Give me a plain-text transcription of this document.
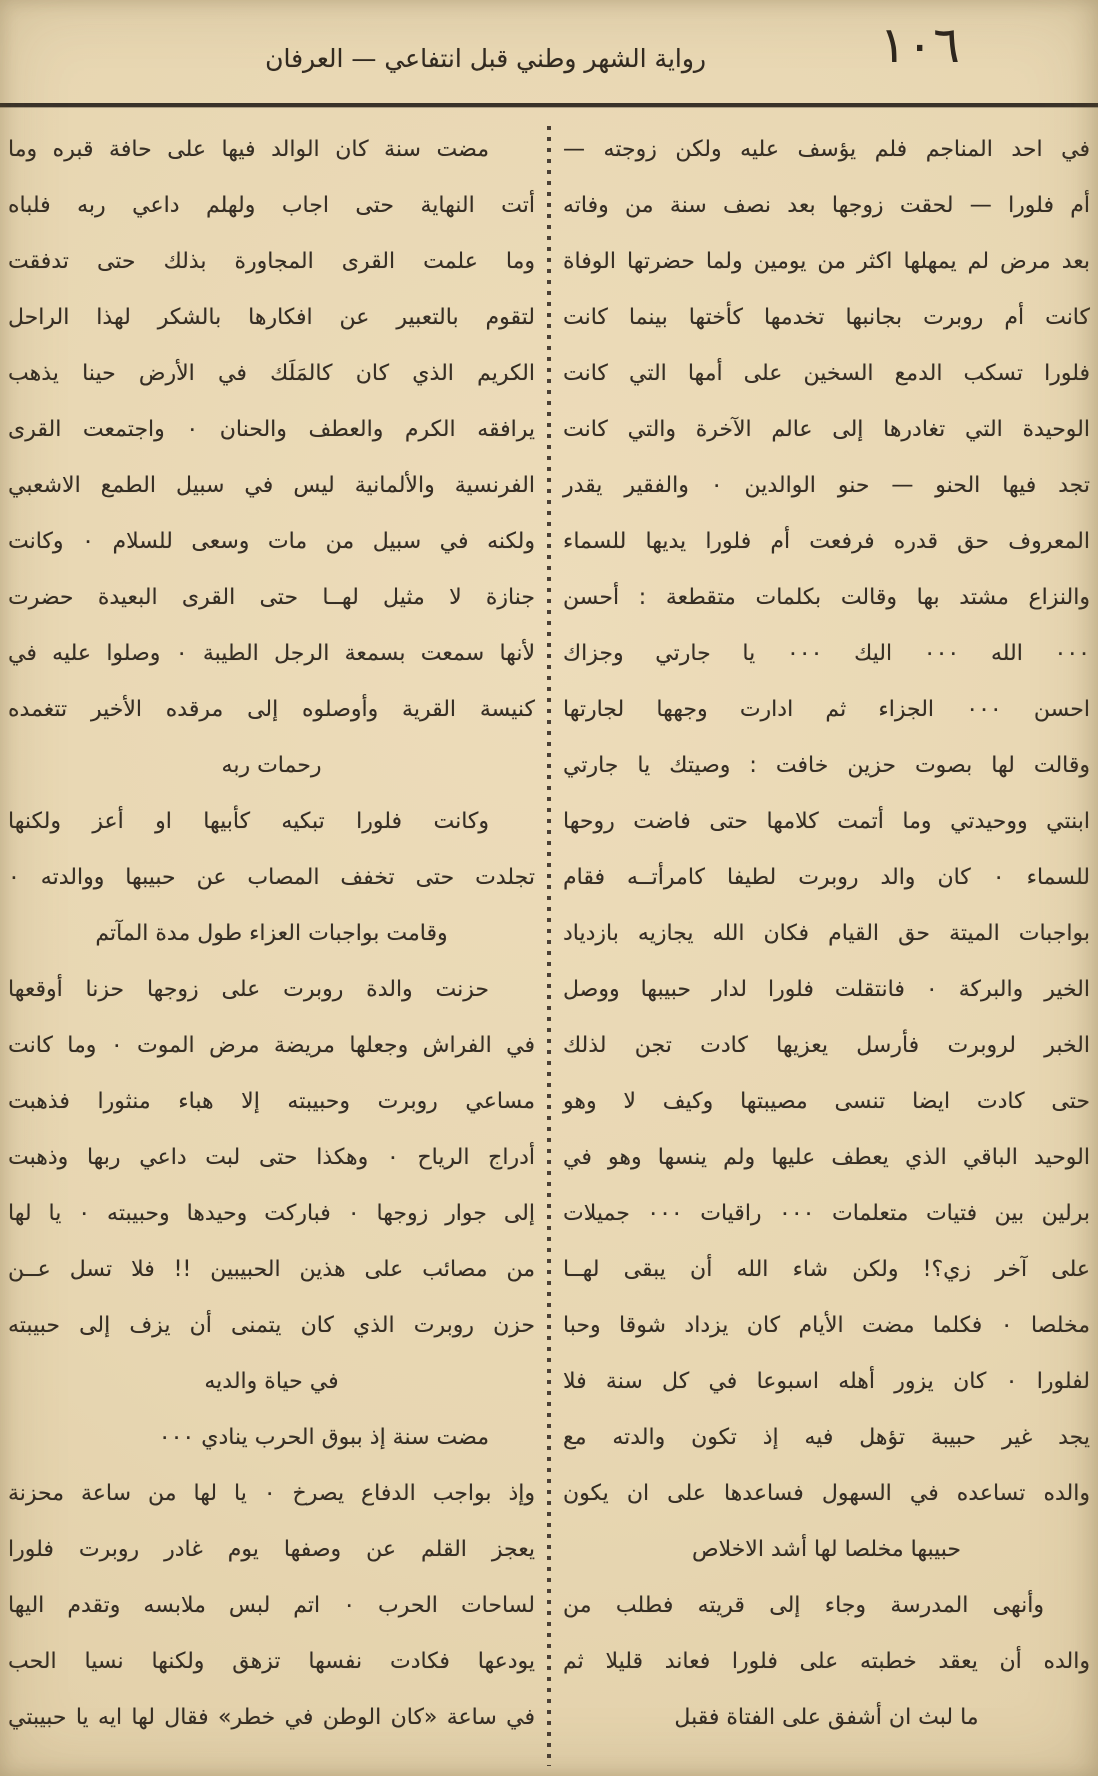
١٠٦
رواية الشهر وطني قبل انتفاعي — العرفان
في احد المناجم فلم يؤسف عليه ولكن زوجته —
أم فلورا — لحقت زوجها بعد نصف سنة من وفاته
بعد مرض لم يمهلها اكثر من يومين ولما حضرتها الوفاة
كانت أم روبرت بجانبها تخدمها كأختها بينما كانت
فلورا تسكب الدمع السخين على أمها التي كانت
الوحيدة التي تغادرها إلى عالم الآخرة والتي كانت
تجد فيها الحنو — حنو الوالدين ٠ والفقير يقدر
المعروف حق قدره فرفعت أم فلورا يديها للسماء
والنزاع مشتد بها وقالت بكلمات متقطعة : أحسن
٠٠٠ الله ٠٠٠ اليك ٠٠٠ يا جارتي وجزاك
احسن ٠٠٠ الجزاء ثم ادارت وجهها لجارتها
وقالت لها بصوت حزين خافت : وصيتك يا جارتي
ابنتي ووحيدتي وما أتمت كلامها حتى فاضت روحها
للسماء ٠ كان والد روبرت لطيفا كامرأتــه فقام
بواجبات الميتة حق القيام فكان الله يجازيه بازدياد
الخير والبركة ٠ فانتقلت فلورا لدار حبيبها ووصل
الخبر لروبرت فأرسل يعزيها كادت تجن لذلك
حتى كادت ايضا تنسى مصيبتها وكيف لا وهو
الوحيد الباقي الذي يعطف عليها ولم ينسها وهو في
برلين بين فتيات متعلمات ٠٠٠ راقيات ٠٠٠ جميلات
على آخر زي؟! ولكن شاء الله أن يبقى لهــا
مخلصا ٠ فكلما مضت الأيام كان يزداد شوقا وحبا
لفلورا ٠ كان يزور أهله اسبوعا في كل سنة فلا
يجد غير حبيبة تؤهل فيه إذ تكون والدته مع
والده تساعده في السهول فساعدها على ان يكون
حبيبها مخلصا لها أشد الاخلاص
وأنهى المدرسة وجاء إلى قريته فطلب من
والده أن يعقد خطبته على فلورا فعاند قليلا ثم
ما لبث ان أشفق على الفتاة فقبل
مضت سنة كان الوالد فيها على حافة قبره وما
أتت النهاية حتى اجاب ولهلم داعي ربه فلباه
وما علمت القرى المجاورة بذلك حتى تدفقت
لتقوم بالتعبير عن افكارها بالشكر لهذا الراحل
الكريم الذي كان كالمَلَك في الأرض حينا يذهب
يرافقه الكرم والعطف والحنان ٠ واجتمعت القرى
الفرنسية والألمانية ليس في سبيل الطمع الاشعبي
ولكنه في سبيل من مات وسعى للسلام ٠ وكانت
جنازة لا مثيل لهــا حتى القرى البعيدة حضرت
لأنها سمعت بسمعة الرجل الطيبة ٠ وصلوا عليه في
كنيسة القرية وأوصلوه إلى مرقده الأخير تتغمده
رحمات ربه
وكانت فلورا تبكيه كأبيها او أعز ولكنها
تجلدت حتى تخفف المصاب عن حبيبها ووالدته ٠
وقامت بواجبات العزاء طول مدة المآتم
حزنت والدة روبرت على زوجها حزنا أوقعها
في الفراش وجعلها مريضة مرض الموت ٠ وما كانت
مساعي روبرت وحبيبته إلا هباء منثورا فذهبت
أدراج الرياح ٠ وهكذا حتى لبت داعي ربها وذهبت
إلى جوار زوجها ٠ فباركت وحيدها وحبيبته ٠ يا لها
من مصائب على هذين الحبيبين !! فلا تسل عــن
حزن روبرت الذي كان يتمنى أن يزف إلى حبيبته
في حياة والديه
مضت سنة إذ ببوق الحرب ينادي ٠٠٠
وإذ بواجب الدفاع يصرخ ٠ يا لها من ساعة محزنة
يعجز القلم عن وصفها يوم غادر روبرت فلورا
لساحات الحرب ٠ اتم لبس ملابسه وتقدم اليها
يودعها فكادت نفسها تزهق ولكنها نسيا الحب
في ساعة «كان الوطن في خطر» فقال لها ايه يا حبيبتي
